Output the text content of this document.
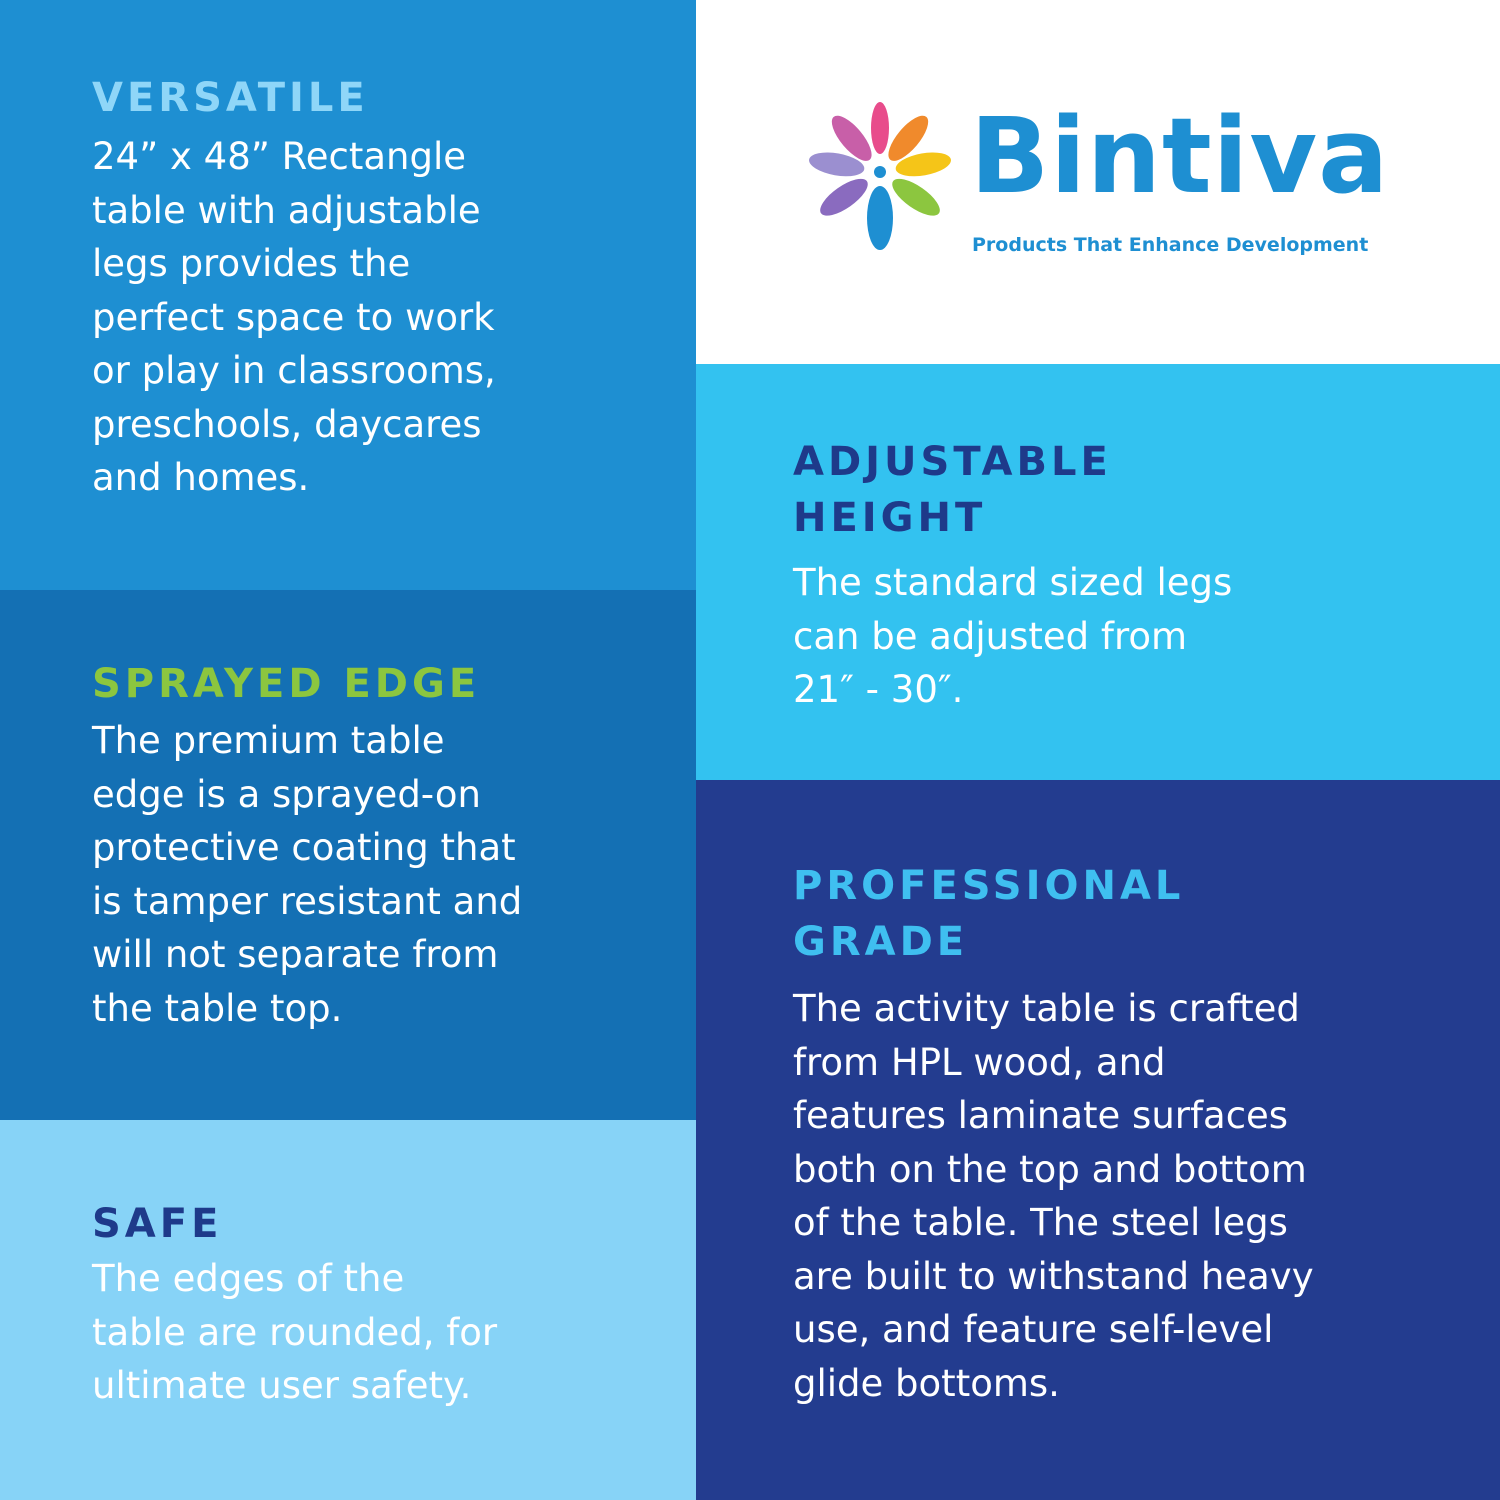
VERSATILE

24” x 48” Rectangle
table with adjustable
legs provides the
perfect space to work
or play in classrooms,
preschools, daycares
and homes.

Bintiva
Products That Enhance Development
ADJUSTABLE
HEIGHT

The standard sized legs
can be adjusted from
21″ - 30″.

SPRAYED EDGE

The premium table
edge is a sprayed-on
protective coating that
is tamper resistant and
will not separate from
the table top.

SAFE

The edges of the
table are rounded, for
ultimate user safety.

PROFESSIONAL
GRADE

The activity table is crafted
from HPL wood, and
features laminate surfaces
both on the top and bottom
of the table. The steel legs
are built to withstand heavy
use, and feature self-level
glide bottoms.
